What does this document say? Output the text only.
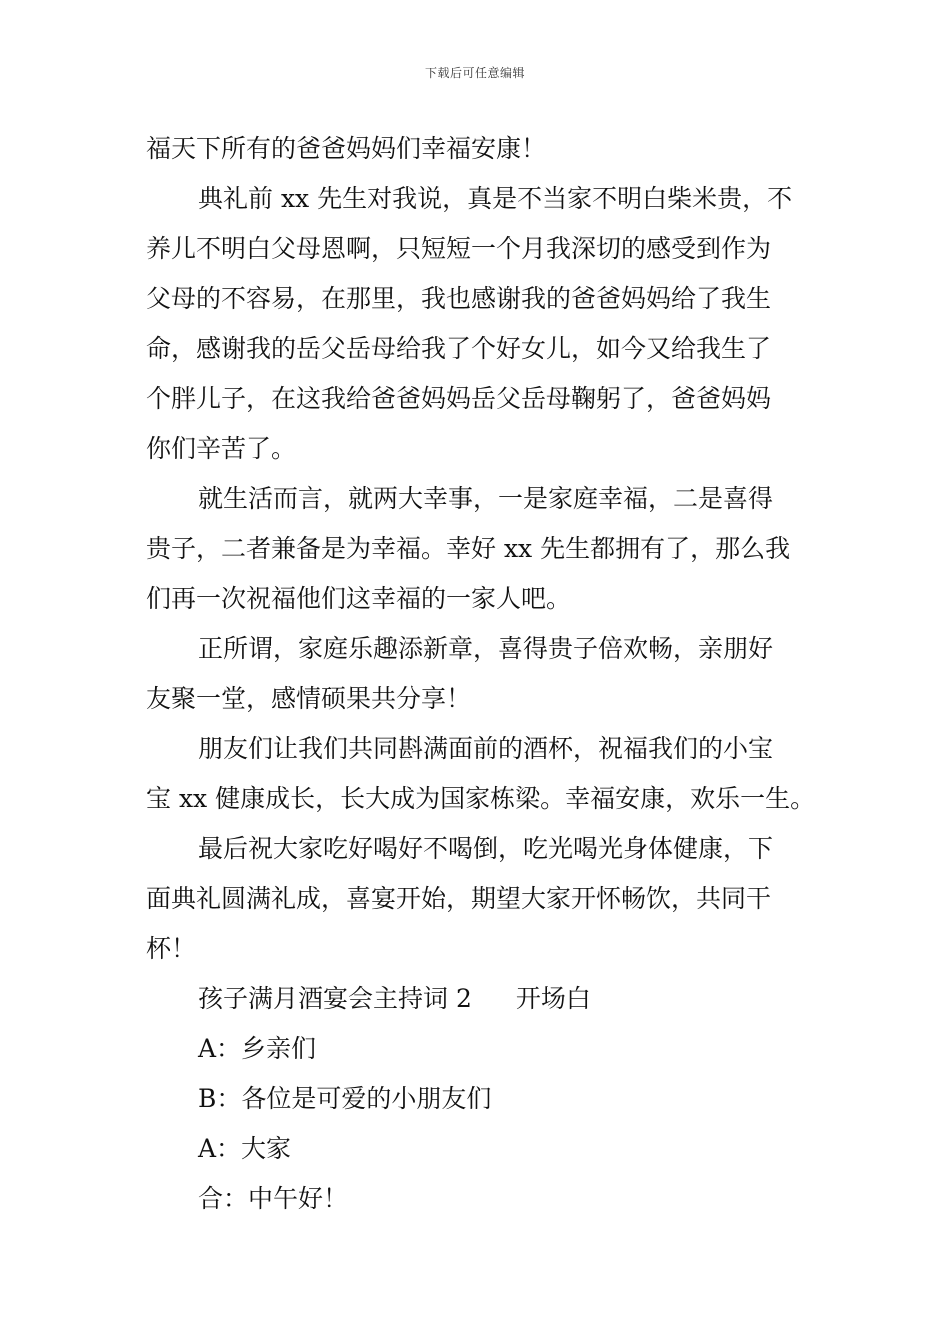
下载后可任意编辑
福天下所有的爸爸妈妈们幸福安康！
典礼前 xx 先生对我说，真是不当家不明白柴米贵，不
养儿不明白父母恩啊，只短短一个月我深切的感受到作为
父母的不容易，在那里，我也感谢我的爸爸妈妈给了我生
命，感谢我的岳父岳母给我了个好女儿，如今又给我生了
个胖儿子，在这我给爸爸妈妈岳父岳母鞠躬了，爸爸妈妈
你们辛苦了。
就生活而言，就两大幸事，一是家庭幸福，二是喜得
贵子，二者兼备是为幸福。幸好 xx 先生都拥有了，那么我
们再一次祝福他们这幸福的一家人吧。
正所谓，家庭乐趣添新章，喜得贵子倍欢畅，亲朋好
友聚一堂，感情硕果共分享！
朋友们让我们共同斟满面前的酒杯，祝福我们的小宝
宝 xx 健康成长，长大成为国家栋梁。幸福安康，欢乐一生。
最后祝大家吃好喝好不喝倒，吃光喝光身体健康，下
面典礼圆满礼成，喜宴开始，期望大家开怀畅饮，共同干
杯！
孩子满月酒宴会主持词 2 开场白
A：乡亲们
B：各位是可爱的小朋友们
A：大家
合：中午好！
